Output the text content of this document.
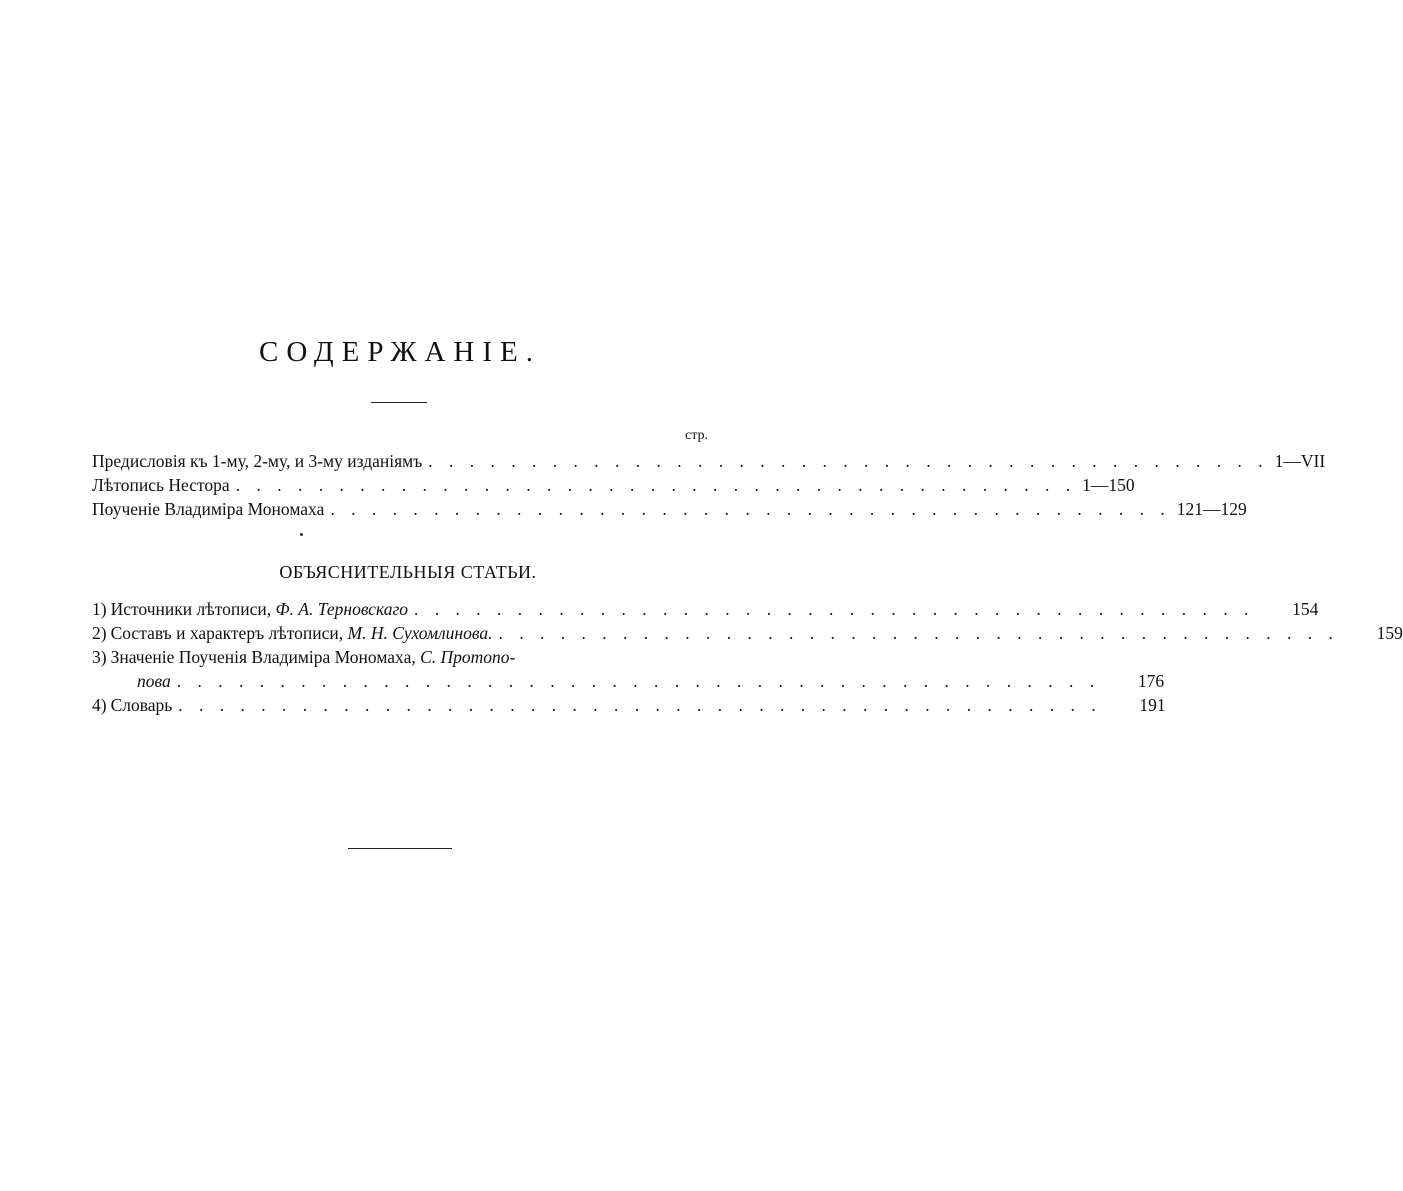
СОДЕРЖАНІЕ.
стр.
Предисловія къ 1-му, 2-му, и 3-му изданіямъ . . . . . . . . . . . . . . . . . . . . . . . . . . . . . . . . . . . . . . . . . 1—VII
Лѣтопись Нестора . . . . . . . . . . . . . . . . . . . . . . . . . . . . . . . . . . . . . . . . . 1—150
Поученіе Владиміра Мономаха . . . . . . . . . . . . . . . . . . . . . . . . . . . . . . . . . . . . . . . . . 121—129
ОБЪЯСНИТЕЛЬНЫЯ СТАТЬИ.
1) Источники лѣтописи, Ф. А. Терновскаго . . . . . . . . . . . . . . . . . . . . . . . . . . . . . . . . . . . . . . . . .	154
2) Составъ и характеръ лѣтописи, М. Н. Сухомлинова. . . . . . . . . . . . . . . . . . . . . . . . . . . . . . . . . . . . . . . . . .	159
3) Значеніе Поученія Владиміра Мономаха, С. Протопо-
пова . . . . . . . . . . . . . . . . . . . . . . . . . . . . . . . . . . . . . . . . . . . . .	176
4) Словарь . . . . . . . . . . . . . . . . . . . . . . . . . . . . . . . . . . . . . . . . . . . . .	191
